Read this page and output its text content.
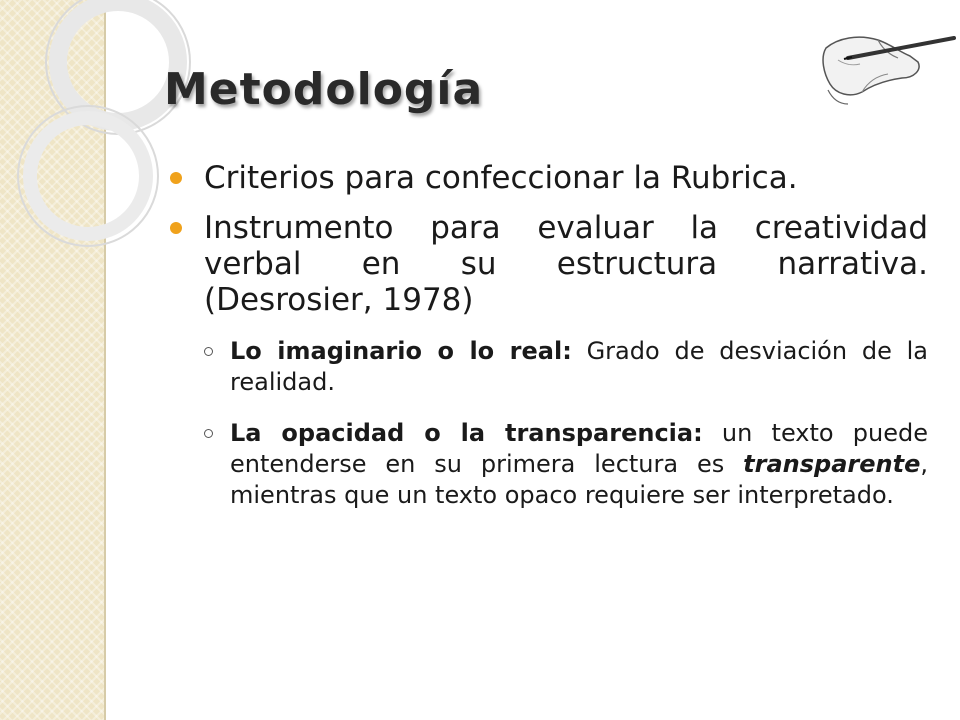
Metodología
Criterios para confeccionar la Rubrica.
Instrumento para evaluar la creatividad
verbal en su estructura narrativa.
(Desrosier, 1978)
Lo imaginario o lo real: Grado de desviación de la realidad.
La opacidad o la transparencia: un texto puede entenderse en su primera lectura es transparente, mientras que un texto opaco requiere ser interpretado.
